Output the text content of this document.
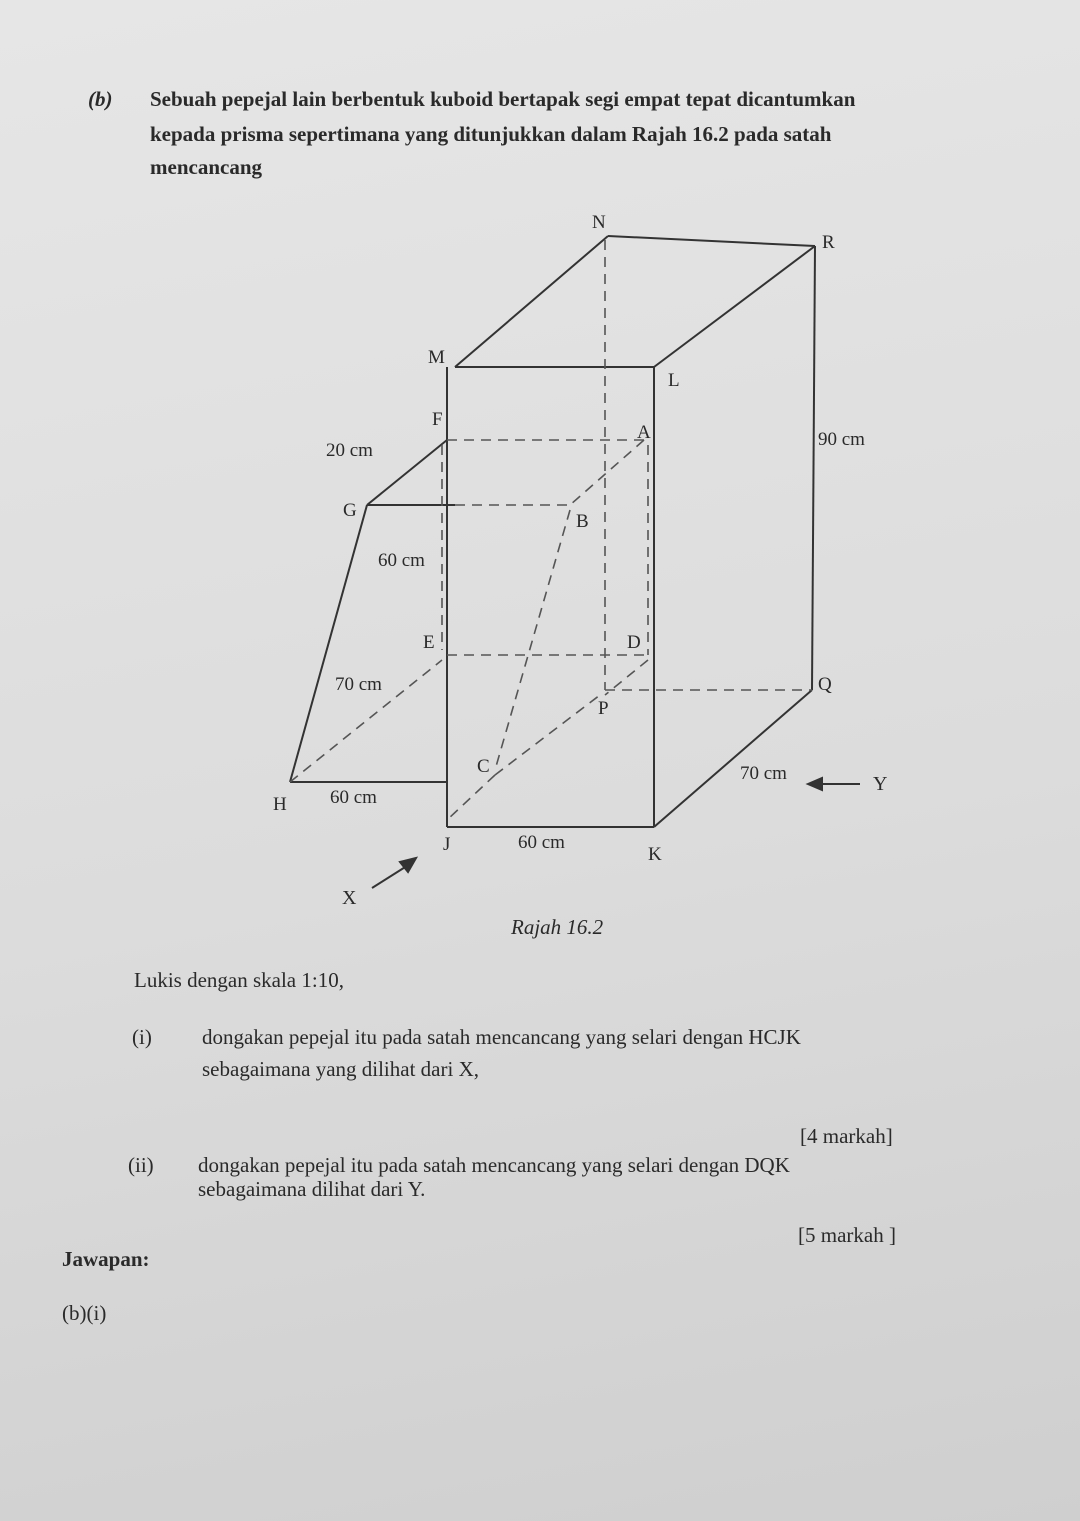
(b) Sebuah pepejal lain berbentuk kuboid bertapak segi empat tepat dicantumkan
kepada prisma sepertimana yang ditunjukkan dalam Rajah 16.2 pada satah
mencancang
N
R
M
L
F
A
G
B
E	D
Q
P
C
H
J	K
20 cm
60 cm
70 cm
60 cm
60 cm
70 cm
90 cm
X
Y
Rajah 16.2
Lukis dengan skala 1:10,
(i) dongakan pepejal itu pada satah mencancang yang selari dengan HCJK
sebagaimana yang dilihat dari X,
[4 markah]
(ii) dongakan pepejal itu pada satah mencancang yang selari dengan DQK
sebagaimana dilihat dari Y.
[5 markah ]
Jawapan:
(b)(i)
